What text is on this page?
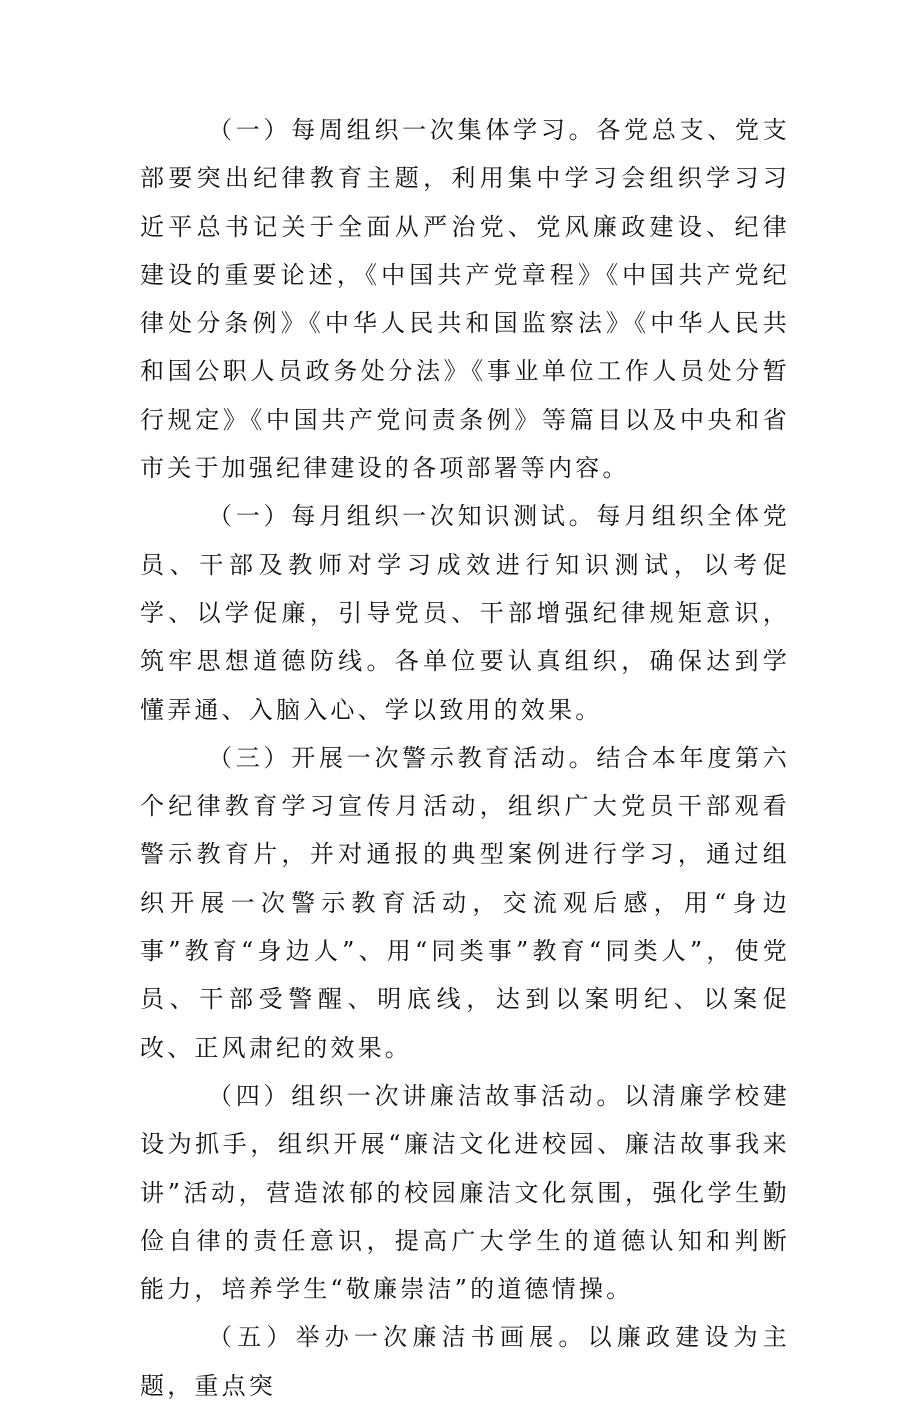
（一）每周组织一次集体学习。各党总支、党支部要突出纪律教育主题，利用集中学习会组织学习习近平总书记关于全面从严治党、党风廉政建设、纪律建设的重要论述，《中国共产党章程》《中国共产党纪律处分条例》《中华人民共和国监察法》《中华人民共和国公职人员政务处分法》《事业单位工作人员处分暂行规定》《中国共产党问责条例》等篇目以及中央和省市关于加强纪律建设的各项部署等内容。

（一）每月组织一次知识测试。每月组织全体党员、干部及教师对学习成效进行知识测试，以考促学、以学促廉，引导党员、干部增强纪律规矩意识，筑牢思想道德防线。各单位要认真组织，确保达到学懂弄通、入脑入心、学以致用的效果。

（三）开展一次警示教育活动。结合本年度第六个纪律教育学习宣传月活动，组织广大党员干部观看警示教育片，并对通报的典型案例进行学习，通过组织开展一次警示教育活动，交流观后感，用“身边事”教育“身边人”、用“同类事”教育“同类人”，使党员、干部受警醒、明底线，达到以案明纪、以案促改、正风肃纪的效果。

（四）组织一次讲廉洁故事活动。以清廉学校建设为抓手，组织开展“廉洁文化进校园、廉洁故事我来讲”活动，营造浓郁的校园廉洁文化氛围，强化学生勤俭自律的责任意识，提高广大学生的道德认知和判断能力，培养学生“敬廉崇洁”的道德情操。

（五）举办一次廉洁书画展。以廉政建设为主题，重点突
